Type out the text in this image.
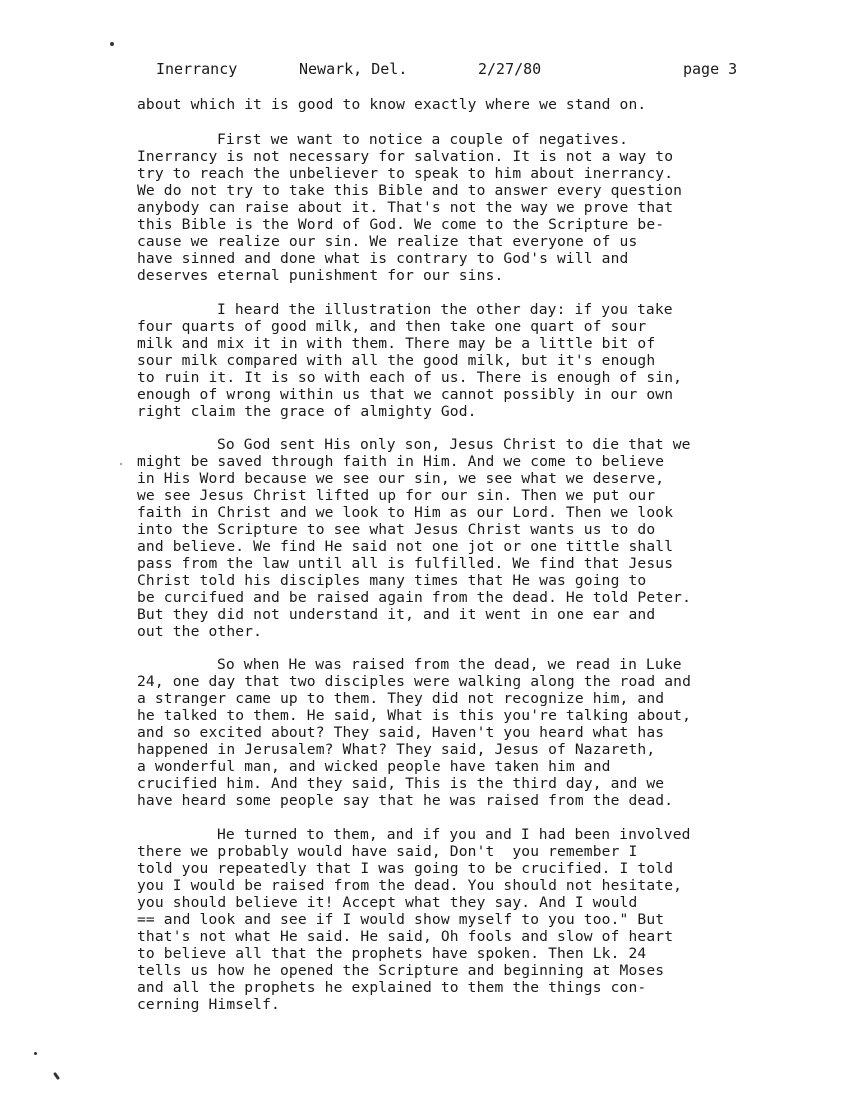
Inerrancy	Newark, Del.	2/27/80	page 3
about which it is good to know exactly where we stand on.
First we want to notice a couple of negatives.
Inerrancy is not necessary for salvation. It is not a way to
try to reach the unbeliever to speak to him about inerrancy.
We do not try to take this Bible and to answer every question
anybody can raise about it. That's not the way we prove that
this Bible is the Word of God. We come to the Scripture be-
cause we realize our sin. We realize that everyone of us
have sinned and done what is contrary to God's will and
deserves eternal punishment for our sins.
I heard the illustration the other day: if you take
four quarts of good milk, and then take one quart of sour
milk and mix it in with them. There may be a little bit of
sour milk compared with all the good milk, but it's enough
to ruin it. It is so with each of us. There is enough of sin,
enough of wrong within us that we cannot possibly in our own
right claim the grace of almighty God.
So God sent His only son, Jesus Christ to die that we
might be saved through faith in Him. And we come to believe
in His Word because we see our sin, we see what we deserve,
we see Jesus Christ lifted up for our sin. Then we put our
faith in Christ and we look to Him as our Lord. Then we look
into the Scripture to see what Jesus Christ wants us to do
and believe. We find He said not one jot or one tittle shall
pass from the law until all is fulfilled. We find that Jesus
Christ told his disciples many times that He was going to
be curcifued and be raised again from the dead. He told Peter.
But they did not understand it, and it went in one ear and
out the other.
So when He was raised from the dead, we read in Luke
24, one day that two disciples were walking along the road and
a stranger came up to them. They did not recognize him, and
he talked to them. He said, What is this you're talking about,
and so excited about? They said, Haven't you heard what has
happened in Jerusalem? What? They said, Jesus of Nazareth,
a wonderful man, and wicked people have taken him and
crucified him. And they said, This is the third day, and we
have heard some people say that he was raised from the dead.
He turned to them, and if you and I had been involved
there we probably would have said, Don't  you remember I
told you repeatedly that I was going to be crucified. I told
you I would be raised from the dead. You should not hesitate,
you should believe it! Accept what they say. And I would
== and look and see if I would show myself to you too." But
that's not what He said. He said, Oh fools and slow of heart
to believe all that the prophets have spoken. Then Lk. 24
tells us how he opened the Scripture and beginning at Moses
and all the prophets he explained to them the things con-
cerning Himself.
